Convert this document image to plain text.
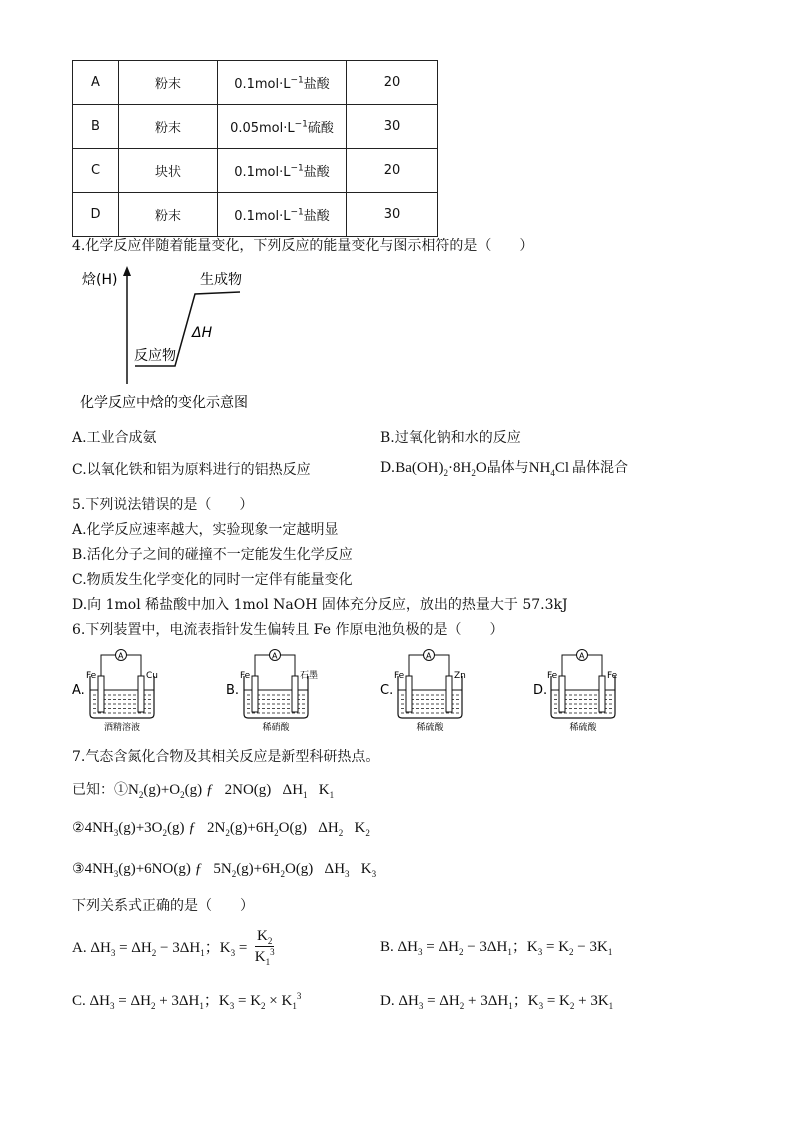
A	粉末	$0.1mol\cdot L^{-1}$盐酸	20
B	粉末	$0.05mol\cdot L^{-1}$硫酸	30
C	块状	$0.1mol\cdot L^{-1}$盐酸	20
D	粉末	$0.1mol\cdot L^{-1}$盐酸	30
4.化学反应伴随着能量变化，下列反应的能量变化与图示相符的是（　　）
焓(H)	生成物
反应物
ΔH
化学反应中焓的变化示意图
A.工业合成氨	B.过氧化钠和水的反应
C.以氧化铁和铝为原料进行的铝热反应	$D.Ba(OH)_2\cdot 8H_2O$晶体与$NH_4Cl$ 晶体混合
5.下列说法错误的是（　　）
A.化学反应速率越大，实验现象一定越明显
B.活化分子之间的碰撞不一定能发生化学反应
C.物质发生化学变化的同时一定伴有能量变化
D.向 1mol 稀盐酸中加入 1mol NaOH 固体充分反应，放出的热量大于 57.3kJ
6.下列装置中，电流表指针发生偏转且 Fe 作原电池负极的是（　　）
A.
A
Fe	Cu
酒精溶液
B.
A
Fe	石墨
稀硝酸
C.
A
Fe	Zn
稀硫酸
D.
A
Fe	Fe
稀硫酸
7.气态含氮化合物及其相关反应是新型科研热点。
已知：$①N_2(g)+O_2(g)$ ƒ   2NO(g)   $\Delta H_1$   $K_1$
$②4NH_3(g)+3O_2(g)$ ƒ   $2N_2(g)+6H_2O(g)$   $\Delta H_2$   $K_2$
$③4NH_3(g)+6NO(g)$ ƒ   $5N_2(g)+6H_2O(g)$   $\Delta H_3$   $K_3$
下列关系式正确的是（　　）
A. $\Delta H_3 = \Delta H_2 - 3\Delta H_1$；$K_3 = \frac{K_2}{K_1^3}$	B. $\Delta H_3 = \Delta H_2 - 3\Delta H_1$；$K_3 = K_2 - 3K_1$
C. $\Delta H_3 = \Delta H_2 + 3\Delta H_1$；$K_3 = K_2 \times K_1^3$	D. $\Delta H_3 = \Delta H_2 + 3\Delta H_1$；$K_3 = K_2 + 3K_1$
